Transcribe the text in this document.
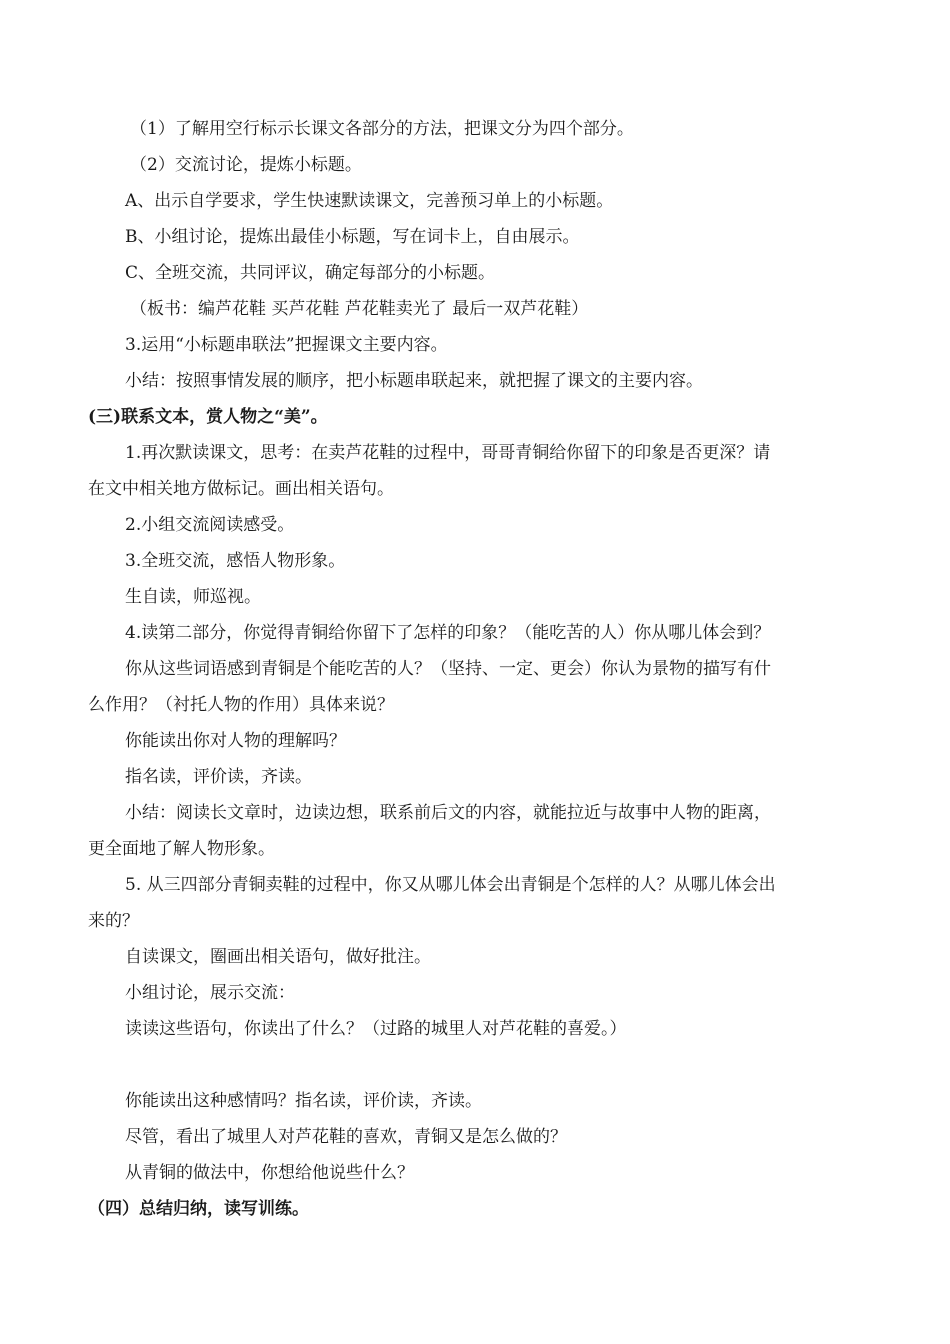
（1）了解用空行标示长课文各部分的方法，把课文分为四个部分。
（2）交流讨论，提炼小标题。
A、出示自学要求，学生快速默读课文，完善预习单上的小标题。
B、小组讨论，提炼出最佳小标题，写在词卡上，自由展示。
C、全班交流，共同评议，确定每部分的小标题。
（板书：编芦花鞋 买芦花鞋 芦花鞋卖光了 最后一双芦花鞋）
3.运用“小标题串联法”把握课文主要内容。
小结：按照事情发展的顺序，把小标题串联起来，就把握了课文的主要内容。
(三)联系文本，赏人物之“美”。
1.再次默读课文，思考：在卖芦花鞋的过程中，哥哥青铜给你留下的印象是否更深？请
在文中相关地方做标记。画出相关语句。
2.小组交流阅读感受。
3.全班交流，感悟人物形象。
生自读，师巡视。
4.读第二部分，你觉得青铜给你留下了怎样的印象？（能吃苦的人）你从哪儿体会到？
你从这些词语感到青铜是个能吃苦的人？（坚持、一定、更会）你认为景物的描写有什
么作用？（衬托人物的作用）具体来说？
你能读出你对人物的理解吗？
指名读，评价读，齐读。
小结：阅读长文章时，边读边想，联系前后文的内容，就能拉近与故事中人物的距离，
更全面地了解人物形象。
5. 从三四部分青铜卖鞋的过程中，你又从哪儿体会出青铜是个怎样的人？从哪儿体会出
来的？
自读课文，圈画出相关语句，做好批注。
小组讨论，展示交流：
读读这些语句，你读出了什么？（过路的城里人对芦花鞋的喜爱。）
你能读出这种感情吗？指名读，评价读，齐读。
尽管，看出了城里人对芦花鞋的喜欢，青铜又是怎么做的？
从青铜的做法中，你想给他说些什么？
（四）总结归纳，读写训练。
